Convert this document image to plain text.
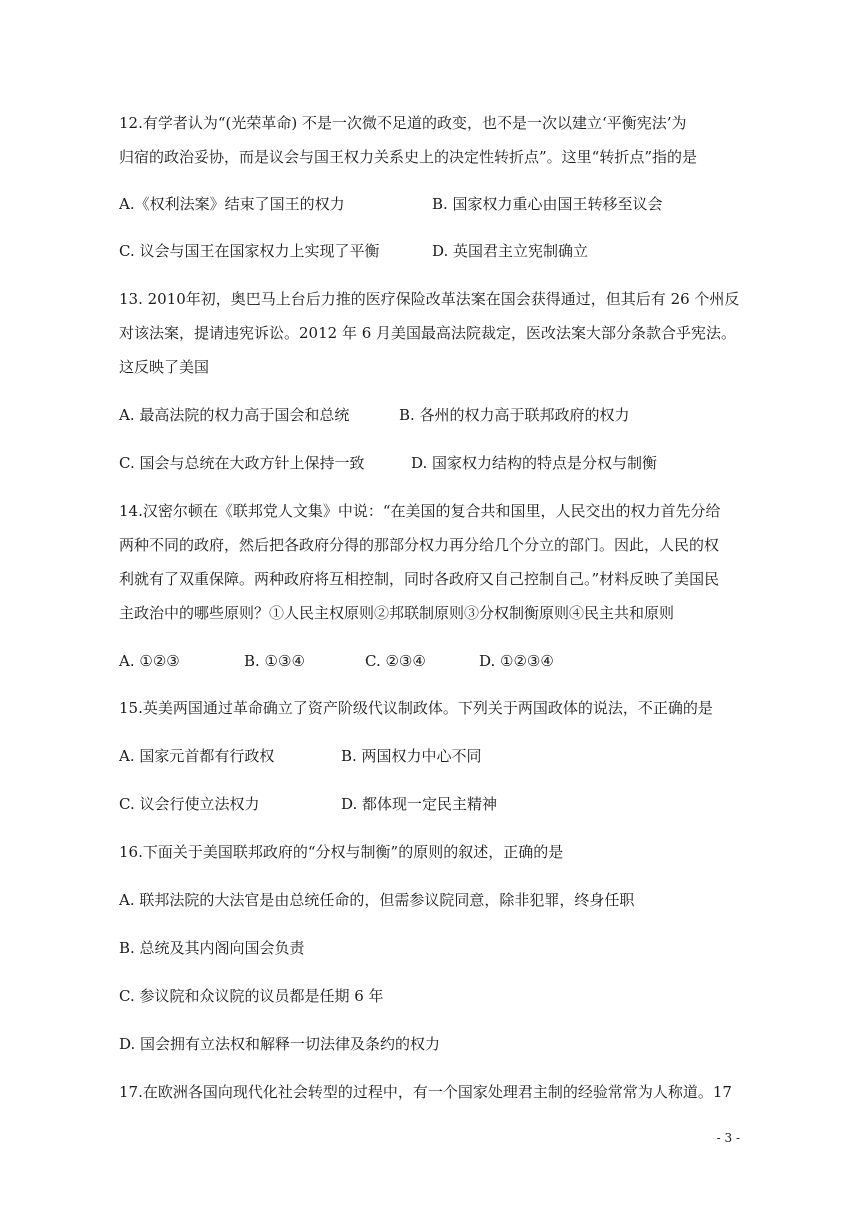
12.有学者认为“(光荣革命) 不是一次微不足道的政变，也不是一次以建立‘平衡宪法’为
归宿的政治妥协，而是议会与国王权力关系史上的决定性转折点”。这里“转折点”指的是
A.《权利法案》结束了国王的权力	B. 国家权力重心由国王转移至议会
C. 议会与国王在国家权力上实现了平衡	D. 英国君主立宪制确立
13. 2010年初，奥巴马上台后力推的医疗保险改革法案在国会获得通过，但其后有 26 个州反
对该法案，提请违宪诉讼。2012 年 6 月美国最高法院裁定，医改法案大部分条款合乎宪法。
这反映了美国
A. 最高法院的权力高于国会和总统	B. 各州的权力高于联邦政府的权力
C. 国会与总统在大政方针上保持一致	D. 国家权力结构的特点是分权与制衡
14.汉密尔顿在《联邦党人文集》中说：“在美国的复合共和国里，人民交出的权力首先分给
两种不同的政府，然后把各政府分得的那部分权力再分给几个分立的部门。因此，人民的权
利就有了双重保障。两种政府将互相控制，同时各政府又自己控制自己。”材料反映了美国民
主政治中的哪些原则？①人民主权原则②邦联制原则③分权制衡原则④民主共和原则
A. ①②③	B. ①③④	C. ②③④	D. ①②③④
15.英美两国通过革命确立了资产阶级代议制政体。下列关于两国政体的说法，不正确的是
A. 国家元首都有行政权	B. 两国权力中心不同
C. 议会行使立法权力	D. 都体现一定民主精神
16.下面关于美国联邦政府的“分权与制衡”的原则的叙述，正确的是
A. 联邦法院的大法官是由总统任命的，但需参议院同意，除非犯罪，终身任职
B. 总统及其内阁向国会负责
C. 参议院和众议院的议员都是任期 6 年
D. 国会拥有立法权和解释一切法律及条约的权力
17.在欧洲各国向现代化社会转型的过程中，有一个国家处理君主制的经验常常为人称道。17
- 3 -
